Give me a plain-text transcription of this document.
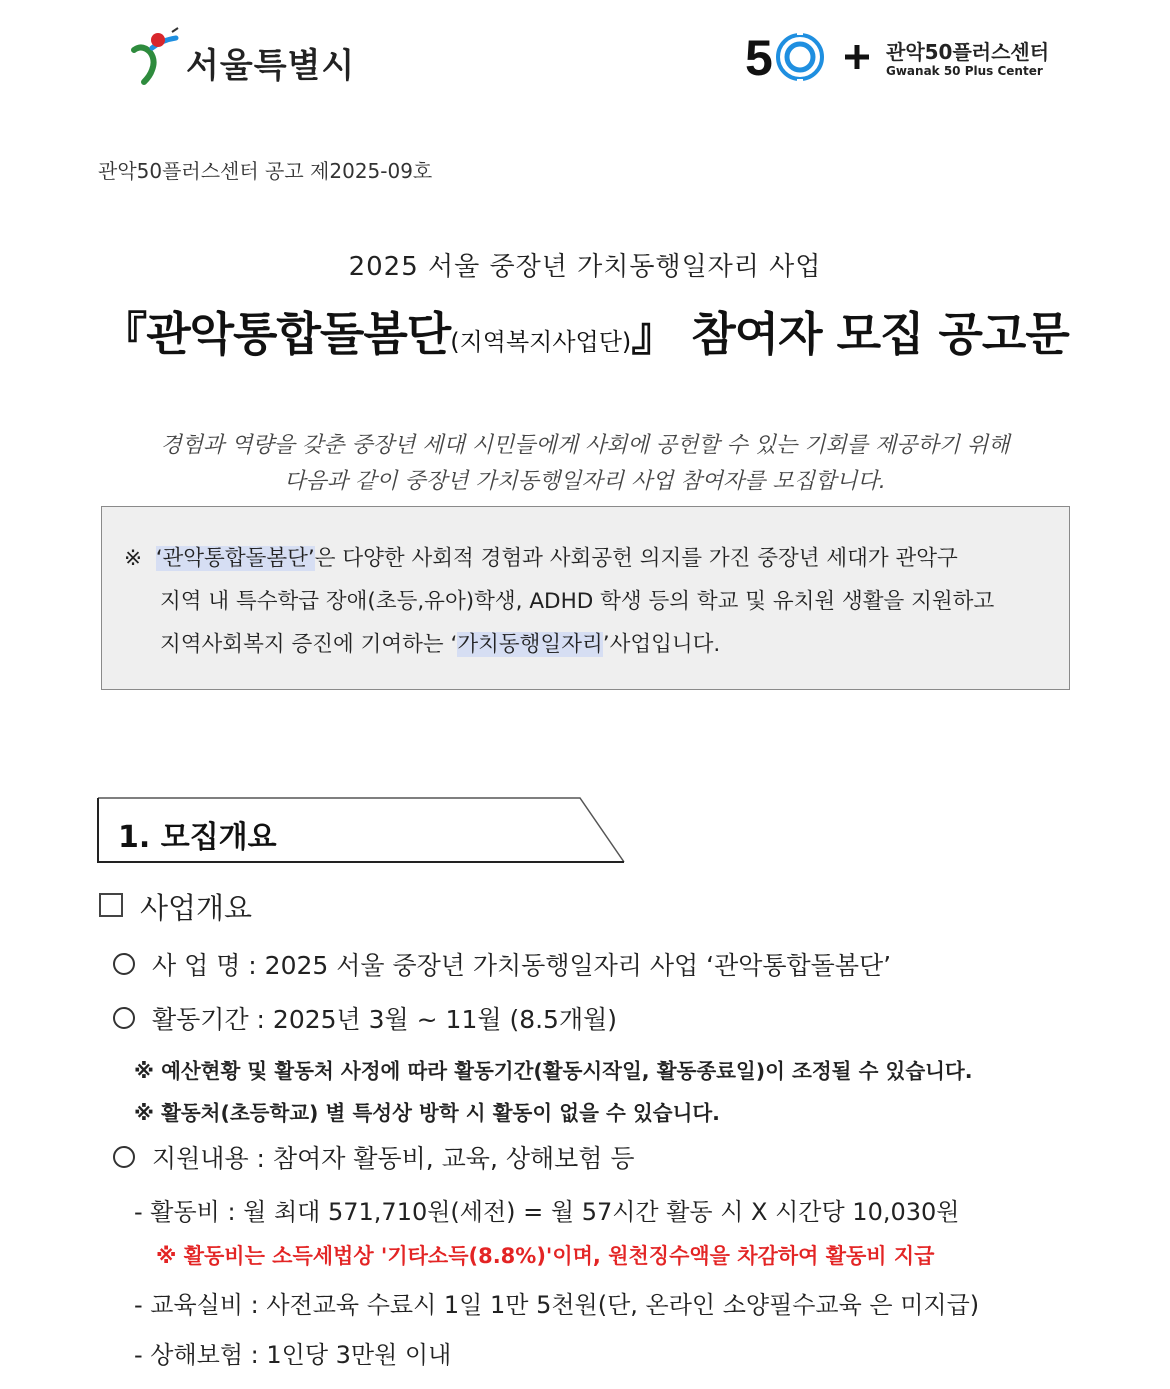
서울특별시	5	관악50플러스센터
Gwanak 50 Plus Center
관악50플러스센터 공고 제2025-09호
2025 서울 중장년 가치동행일자리 사업
『관악통합돌봄단(지역복지사업단)』 참여자 모집 공고문
경험과 역량을 갖춘 중장년 세대 시민들에게 사회에 공헌할 수 있는 기회를 제공하기 위해
다음과 같이 중장년 가치동행일자리 사업 참여자를 모집합니다.
※ ‘관악통합돌봄단’은 다양한 사회적 경험과 사회공헌 의지를 가진 중장년 세대가 관악구
지역 내 특수학급 장애(초등,유아)학생, ADHD 학생 등의 학교 및 유치원 생활을 지원하고
지역사회복지 증진에 기여하는 ‘가치동행일자리’사업입니다.
1. 모집개요
사업개요
사 업 명 : 2025 서울 중장년 가치동행일자리 사업 ‘관악통합돌봄단’
활동기간 : 2025년 3월 ~ 11월 (8.5개월)
※ 예산현황 및 활동처 사정에 따라 활동기간(활동시작일, 활동종료일)이 조정될 수 있습니다.
※ 활동처(초등학교) 별 특성상 방학 시 활동이 없을 수 있습니다.
지원내용 : 참여자 활동비, 교육, 상해보험 등
- 활동비 : 월 최대 571,710원(세전) = 월 57시간 활동 시 X 시간당 10,030원
※ 활동비는 소득세법상 '기타소득(8.8%)'이며, 원천징수액을 차감하여 활동비 지급
- 교육실비 : 사전교육 수료시 1일 1만 5천원(단, 온라인 소양필수교육 은 미지급)
- 상해보험 : 1인당 3만원 이내
